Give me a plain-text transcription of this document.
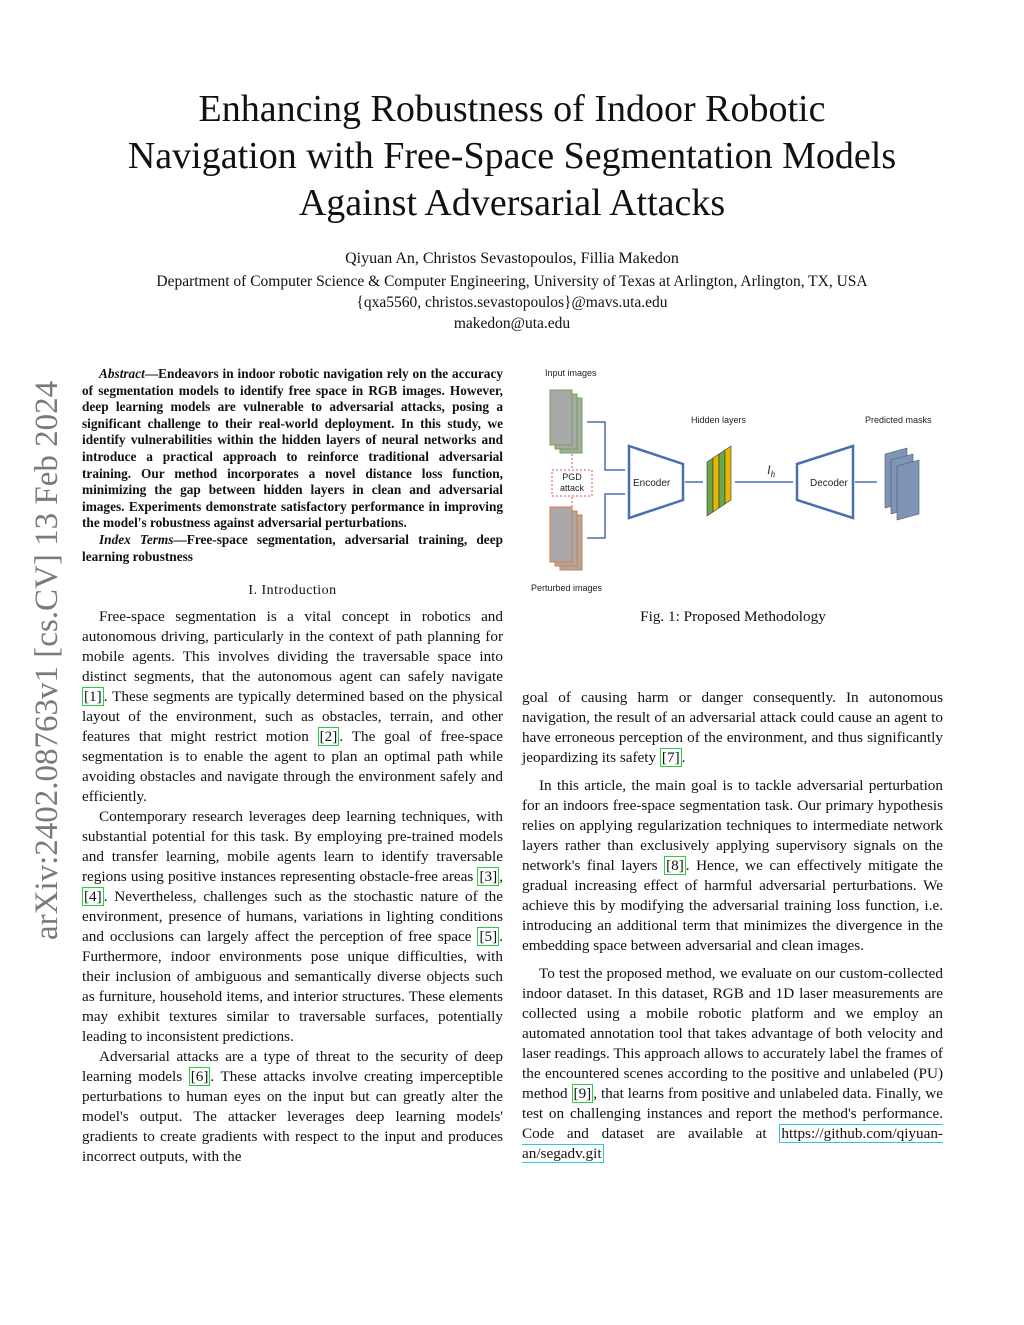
arXiv:2402.08763v1 [cs.CV] 13 Feb 2024
Enhancing Robustness of Indoor Robotic
Navigation with Free-Space Segmentation Models
Against Adversarial Attacks
Qiyuan An, Christos Sevastopoulos, Fillia Makedon
Department of Computer Science & Computer Engineering, University of Texas at Arlington, Arlington, TX, USA
{qxa5560, christos.sevastopoulos}@mavs.uta.edu
makedon@uta.edu

Abstract—Endeavors in indoor robotic navigation rely on the accuracy of segmentation models to identify free space in RGB images. However, deep learning models are vulnerable to adversarial attacks, posing a significant challenge to their real-world deployment. In this study, we identify vulnerabilities within the hidden layers of neural networks and introduce a practical approach to reinforce traditional adversarial training. Our method incorporates a novel distance loss function, minimizing the gap between hidden layers in clean and adversarial images. Experiments demonstrate satisfactory performance in improving the model's robustness against adversarial perturbations.

Index Terms—Free-space segmentation, adversarial training, deep learning robustness

I. Introduction

Free-space segmentation is a vital concept in robotics and autonomous driving, particularly in the context of path planning for mobile agents. This involves dividing the traversable space into distinct segments, that the autonomous agent can safely navigate [1] . These segments are typically determined based on the physical layout of the environment, such as obstacles, terrain, and other features that might restrict motion [2] . The goal of free-space segmentation is to enable the agent to plan an optimal path while avoiding obstacles and navigate through the environment safely and efficiently.

Contemporary research leverages deep learning techniques, with substantial potential for this task. By employing pre-trained models and transfer learning, mobile agents learn to identify traversable regions using positive instances representing obstacle-free areas [3] , [4] . Nevertheless, challenges such as the stochastic nature of the environment, presence of humans, variations in lighting conditions and occlusions can largely affect the perception of free space [5] . Furthermore, indoor environments pose unique difficulties, with their inclusion of ambiguous and semantically diverse objects such as furniture, household items, and interior structures. These elements may exhibit textures similar to traversable surfaces, potentially leading to inconsistent predictions.

Adversarial attacks are a type of threat to the security of deep learning models [6] . These attacks involve creating imperceptible perturbations to human eyes on the input but can greatly alter the model's output. The attacker leverages deep learning models' gradients to create gradients with respect to the input and produces incorrect outputs, with the

Input images
PGD
attack
Perturbed images
Encoder
Hidden layers
$l_h$
Decoder
Predicted masks
Fig. 1: Proposed Methodology

goal of causing harm or danger consequently. In autonomous navigation, the result of an adversarial attack could cause an agent to have erroneous perception of the environment, and thus significantly jeopardizing its safety [7] .

In this article, the main goal is to tackle adversarial perturbation for an indoors free-space segmentation task. Our primary hypothesis relies on applying regularization techniques to intermediate network layers rather than exclusively applying supervisory signals on the network's final layers [8] . Hence, we can effectively mitigate the gradual increasing effect of harmful adversarial perturbations. We achieve this by modifying the adversarial training loss function, i.e. introducing an additional term that minimizes the divergence in the embedding space between adversarial and clean images.

To test the proposed method, we evaluate on our custom-collected indoor dataset. In this dataset, RGB and 1D laser measurements are collected using a mobile robotic platform and we employ an automated annotation tool that takes advantage of both velocity and laser readings. This approach allows to accurately label the frames of the encountered scenes according to the positive and unlabeled (PU) method [9] , that learns from positive and unlabeled data. Finally, we test on challenging instances and report the method's performance. Code and dataset are available at https://github.com/qiyuan-an/segadv.git
